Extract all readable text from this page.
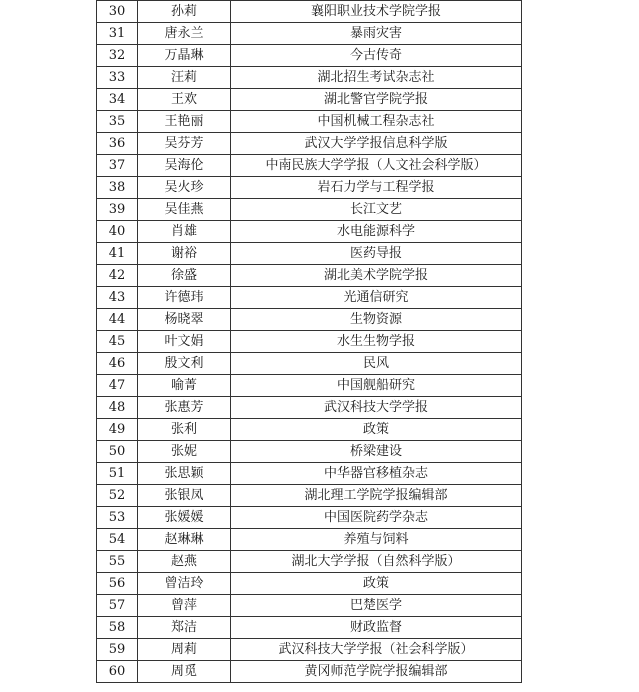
30	孙莉	襄阳职业技术学院学报
31	唐永兰	暴雨灾害
32	万晶琳	今古传奇
33	汪莉	湖北招生考试杂志社
34	王欢	湖北警官学院学报
35	王艳丽	中国机械工程杂志社
36	吴芬芳	武汉大学学报信息科学版
37	吴海伦	中南民族大学学报（人文社会科学版）
38	吴火珍	岩石力学与工程学报
39	吴佳燕	长江文艺
40	肖雄	水电能源科学
41	谢裕	医药导报
42	徐盛	湖北美术学院学报
43	许德玮	光通信研究
44	杨晓翠	生物资源
45	叶文娟	水生生物学报
46	殷文利	民风
47	喻菁	中国舰船研究
48	张惠芳	武汉科技大学学报
49	张利	政策
50	张妮	桥梁建设
51	张思颖	中华器官移植杂志
52	张银凤	湖北理工学院学报编辑部
53	张媛媛	中国医院药学杂志
54	赵琳琳	养殖与饲料
55	赵燕	湖北大学学报（自然科学版）
56	曾洁玲	政策
57	曾萍	巴楚医学
58	郑洁	财政监督
59	周莉	武汉科技大学学报（社会科学版）
60	周觅	黄冈师范学院学报编辑部
